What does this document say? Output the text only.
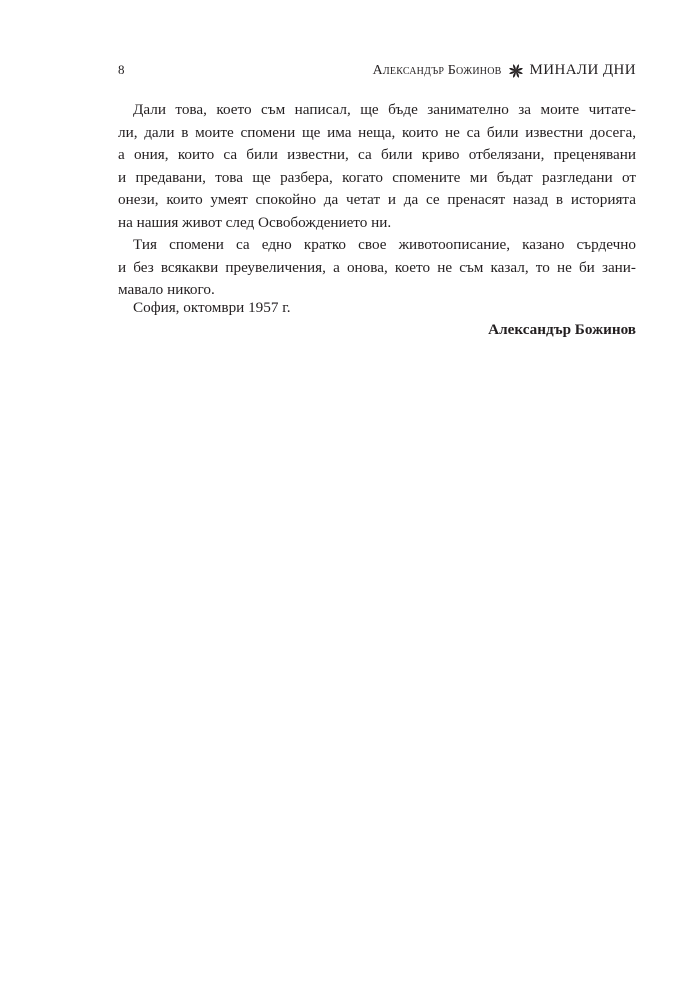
8	Александър Божинов МИНАЛИ ДНИ
Дали това, което съм написал, ще бъде занимателно за моите читате-
ли, дали в моите спомени ще има неща, които не са били известни досега,
а ония, които са били известни, са били криво отбелязани, преценявани
и предавани, това ще разбера, когато спомените ми бъдат разгледани от
онези, които умеят спокойно да четат и да се пренасят назад в историята
на нашия живот след Освобождението ни.
Тия спомени са едно кратко свое животоописание, казано сърдечно
и без всякакви преувеличения, а онова, което не съм казал, то не би зани-
мавало никого.
София, октомври 1957 г.
Александър Божинов
